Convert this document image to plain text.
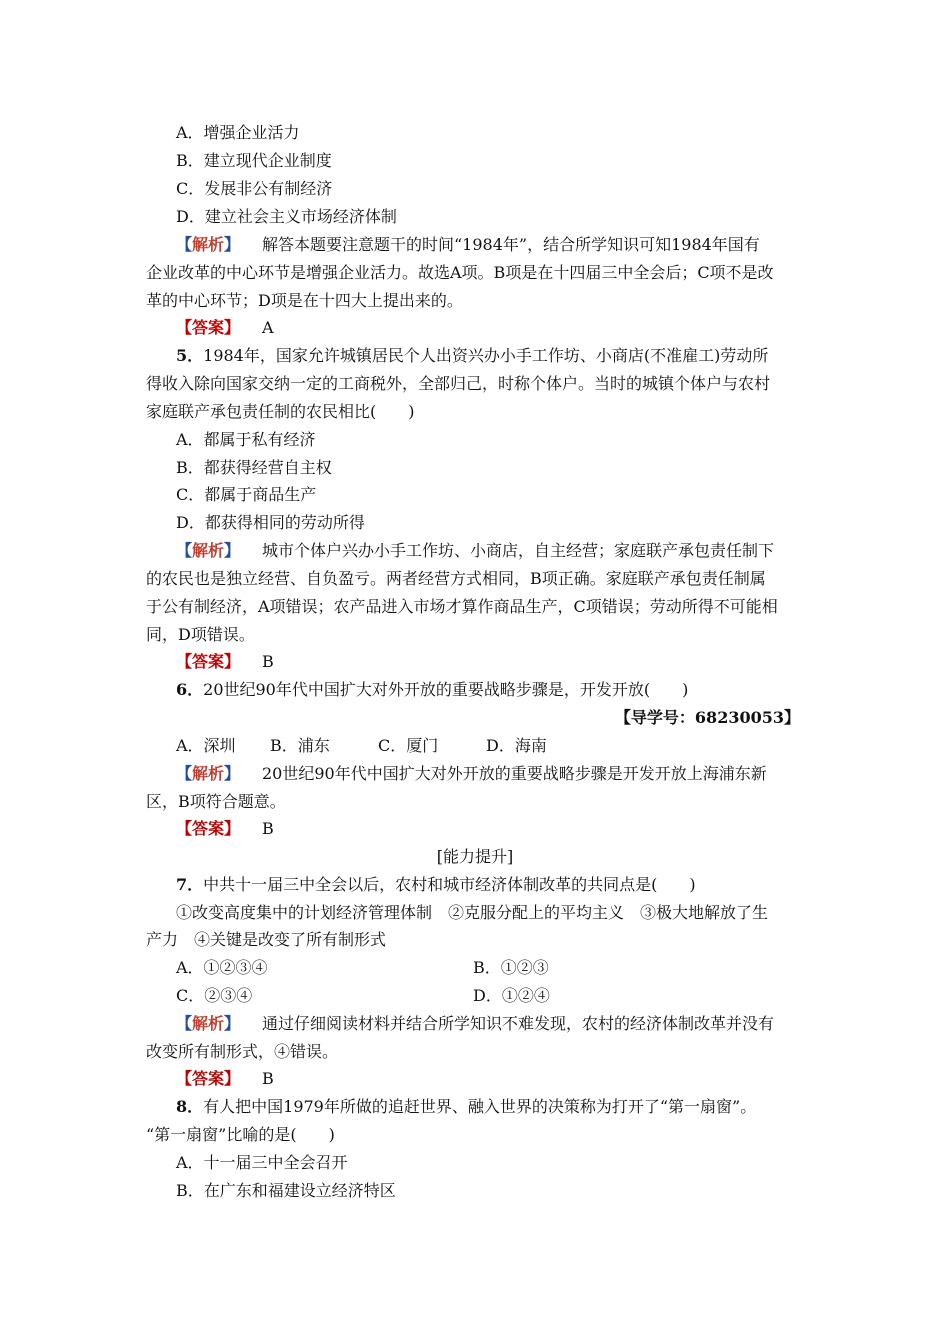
A．增强企业活力
B．建立现代企业制度
C．发展非公有制经济
D．建立社会主义市场经济体制
【解析】 解答本题要注意题干的时间“1984年”，结合所学知识可知1984年国有
企业改革的中心环节是增强企业活力。故选A项。B项是在十四届三中全会后；C项不是改
革的中心环节；D项是在十四大上提出来的。
【答案】 A
5．1984年，国家允许城镇居民个人出资兴办小手工作坊、小商店(不准雇工)劳动所
得收入除向国家交纳一定的工商税外，全部归己，时称个体户。当时的城镇个体户与农村
家庭联产承包责任制的农民相比(　　)
A．都属于私有经济
B．都获得经营自主权
C．都属于商品生产
D．都获得相同的劳动所得
【解析】 城市个体户兴办小手工作坊、小商店，自主经营；家庭联产承包责任制下
的农民也是独立经营、自负盈亏。两者经营方式相同，B项正确。家庭联产承包责任制属
于公有制经济，A项错误；农产品进入市场才算作商品生产，C项错误；劳动所得不可能相
同，D项错误。
【答案】 B
6．20世纪90年代中国扩大对外开放的重要战略步骤是，开发开放(　　)
【导学号：68230053】
A．深圳 B．浦东	C．厦门	D．海南
【解析】 20世纪90年代中国扩大对外开放的重要战略步骤是开发开放上海浦东新
区，B项符合题意。
【答案】 B
[能力提升]
7．中共十一届三中全会以后，农村和城市经济体制改革的共同点是(　　)
①改变高度集中的计划经济管理体制　②克服分配上的平均主义　③极大地解放了生
产力　④关键是改变了所有制形式
A．①②③④	B．①②③
C．②③④	D．①②④
【解析】 通过仔细阅读材料并结合所学知识不难发现，农村的经济体制改革并没有
改变所有制形式，④错误。
【答案】 B
8．有人把中国1979年所做的追赶世界、融入世界的决策称为打开了“第一扇窗”。
“第一扇窗”比喻的是(　　)
A．十一届三中全会召开
B．在广东和福建设立经济特区
